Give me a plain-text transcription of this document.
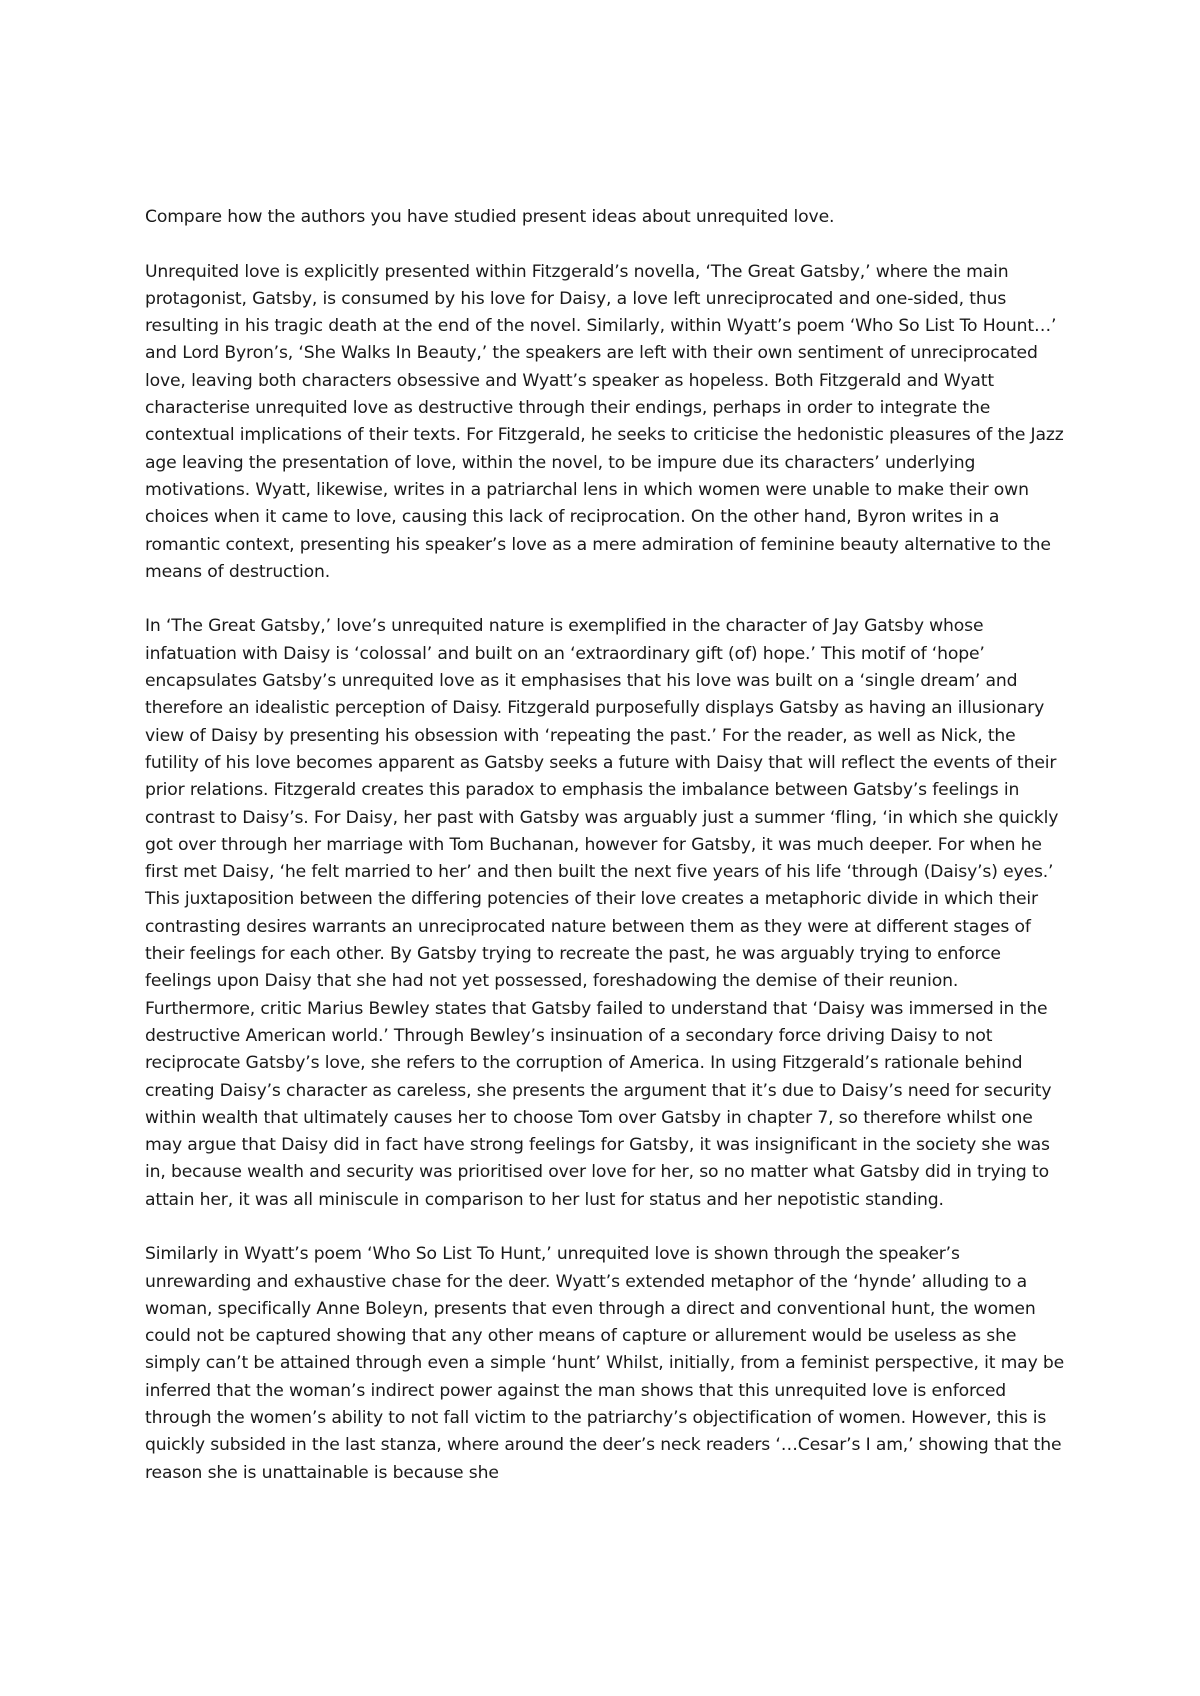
Compare how the authors you have studied present ideas about unrequited love.

Unrequited love is explicitly presented within Fitzgerald’s novella, ‘The Great Gatsby,’ where the main protagonist, Gatsby, is consumed by his love for Daisy, a love left unreciprocated and one-sided, thus resulting in his tragic death at the end of the novel. Similarly, within Wyatt’s poem ‘Who So List To Hount…’ and Lord Byron’s, ‘She Walks In Beauty,’ the speakers are left with their own sentiment of unreciprocated love, leaving both characters obsessive and Wyatt’s speaker as hopeless. Both Fitzgerald and Wyatt characterise unrequited love as destructive through their endings, perhaps in order to integrate the contextual implications of their texts. For Fitzgerald, he seeks to criticise the hedonistic pleasures of the Jazz age leaving the presentation of love, within the novel, to be impure due its characters’ underlying motivations. Wyatt, likewise, writes in a patriarchal lens in which women were unable to make their own choices when it came to love, causing this lack of reciprocation. On the other hand, Byron writes in a romantic context, presenting his speaker’s love as a mere admiration of feminine beauty alternative to the means of destruction.

In ‘The Great Gatsby,’ love’s unrequited nature is exemplified in the character of Jay Gatsby whose infatuation with Daisy is ‘colossal’ and built on an ‘extraordinary gift (of) hope.’ This motif of ‘hope’ encapsulates Gatsby’s unrequited love as it emphasises that his love was built on a ‘single dream’ and therefore an idealistic perception of Daisy. Fitzgerald purposefully displays Gatsby as having an illusionary view of Daisy by presenting his obsession with ‘repeating the past.’ For the reader, as well as Nick, the futility of his love becomes apparent as Gatsby seeks a future with Daisy that will reflect the events of their prior relations. Fitzgerald creates this paradox to emphasis the imbalance between Gatsby’s feelings in contrast to Daisy’s. For Daisy, her past with Gatsby was arguably just a summer ‘fling, ‘in which she quickly got over through her marriage with Tom Buchanan, however for Gatsby, it was much deeper. For when he first met Daisy, ‘he felt married to her’ and then built the next five years of his life ‘through (Daisy’s) eyes.’ This juxtaposition between the differing potencies of their love creates a metaphoric divide in which their contrasting desires warrants an unreciprocated nature between them as they were at different stages of their feelings for each other. By Gatsby trying to recreate the past, he was arguably trying to enforce feelings upon Daisy that she had not yet possessed, foreshadowing the demise of their reunion. Furthermore, critic Marius Bewley states that Gatsby failed to understand that ‘Daisy was immersed in the destructive American world.’ Through Bewley’s insinuation of a secondary force driving Daisy to not reciprocate Gatsby’s love, she refers to the corruption of America. In using Fitzgerald’s rationale behind creating Daisy’s character as careless, she presents the argument that it’s due to Daisy’s need for security within wealth that ultimately causes her to choose Tom over Gatsby in chapter 7, so therefore whilst one may argue that Daisy did in fact have strong feelings for Gatsby, it was insignificant in the society she was in, because wealth and security was prioritised over love for her, so no matter what Gatsby did in trying to attain her, it was all miniscule in comparison to her lust for status and her nepotistic standing.

Similarly in Wyatt’s poem ‘Who So List To Hunt,’ unrequited love is shown through the speaker’s unrewarding and exhaustive chase for the deer. Wyatt’s extended metaphor of the ‘hynde’ alluding to a woman, specifically Anne Boleyn, presents that even through a direct and conventional hunt, the women could not be captured showing that any other means of capture or allurement would be useless as she simply can’t be attained through even a simple ‘hunt’ Whilst, initially, from a feminist perspective, it may be inferred that the woman’s indirect power against the man shows that this unrequited love is enforced through the women’s ability to not fall victim to the patriarchy’s objectification of women. However, this is quickly subsided in the last stanza, where around the deer’s neck readers ‘…Cesar’s I am,’ showing that the reason she is unattainable is because she
